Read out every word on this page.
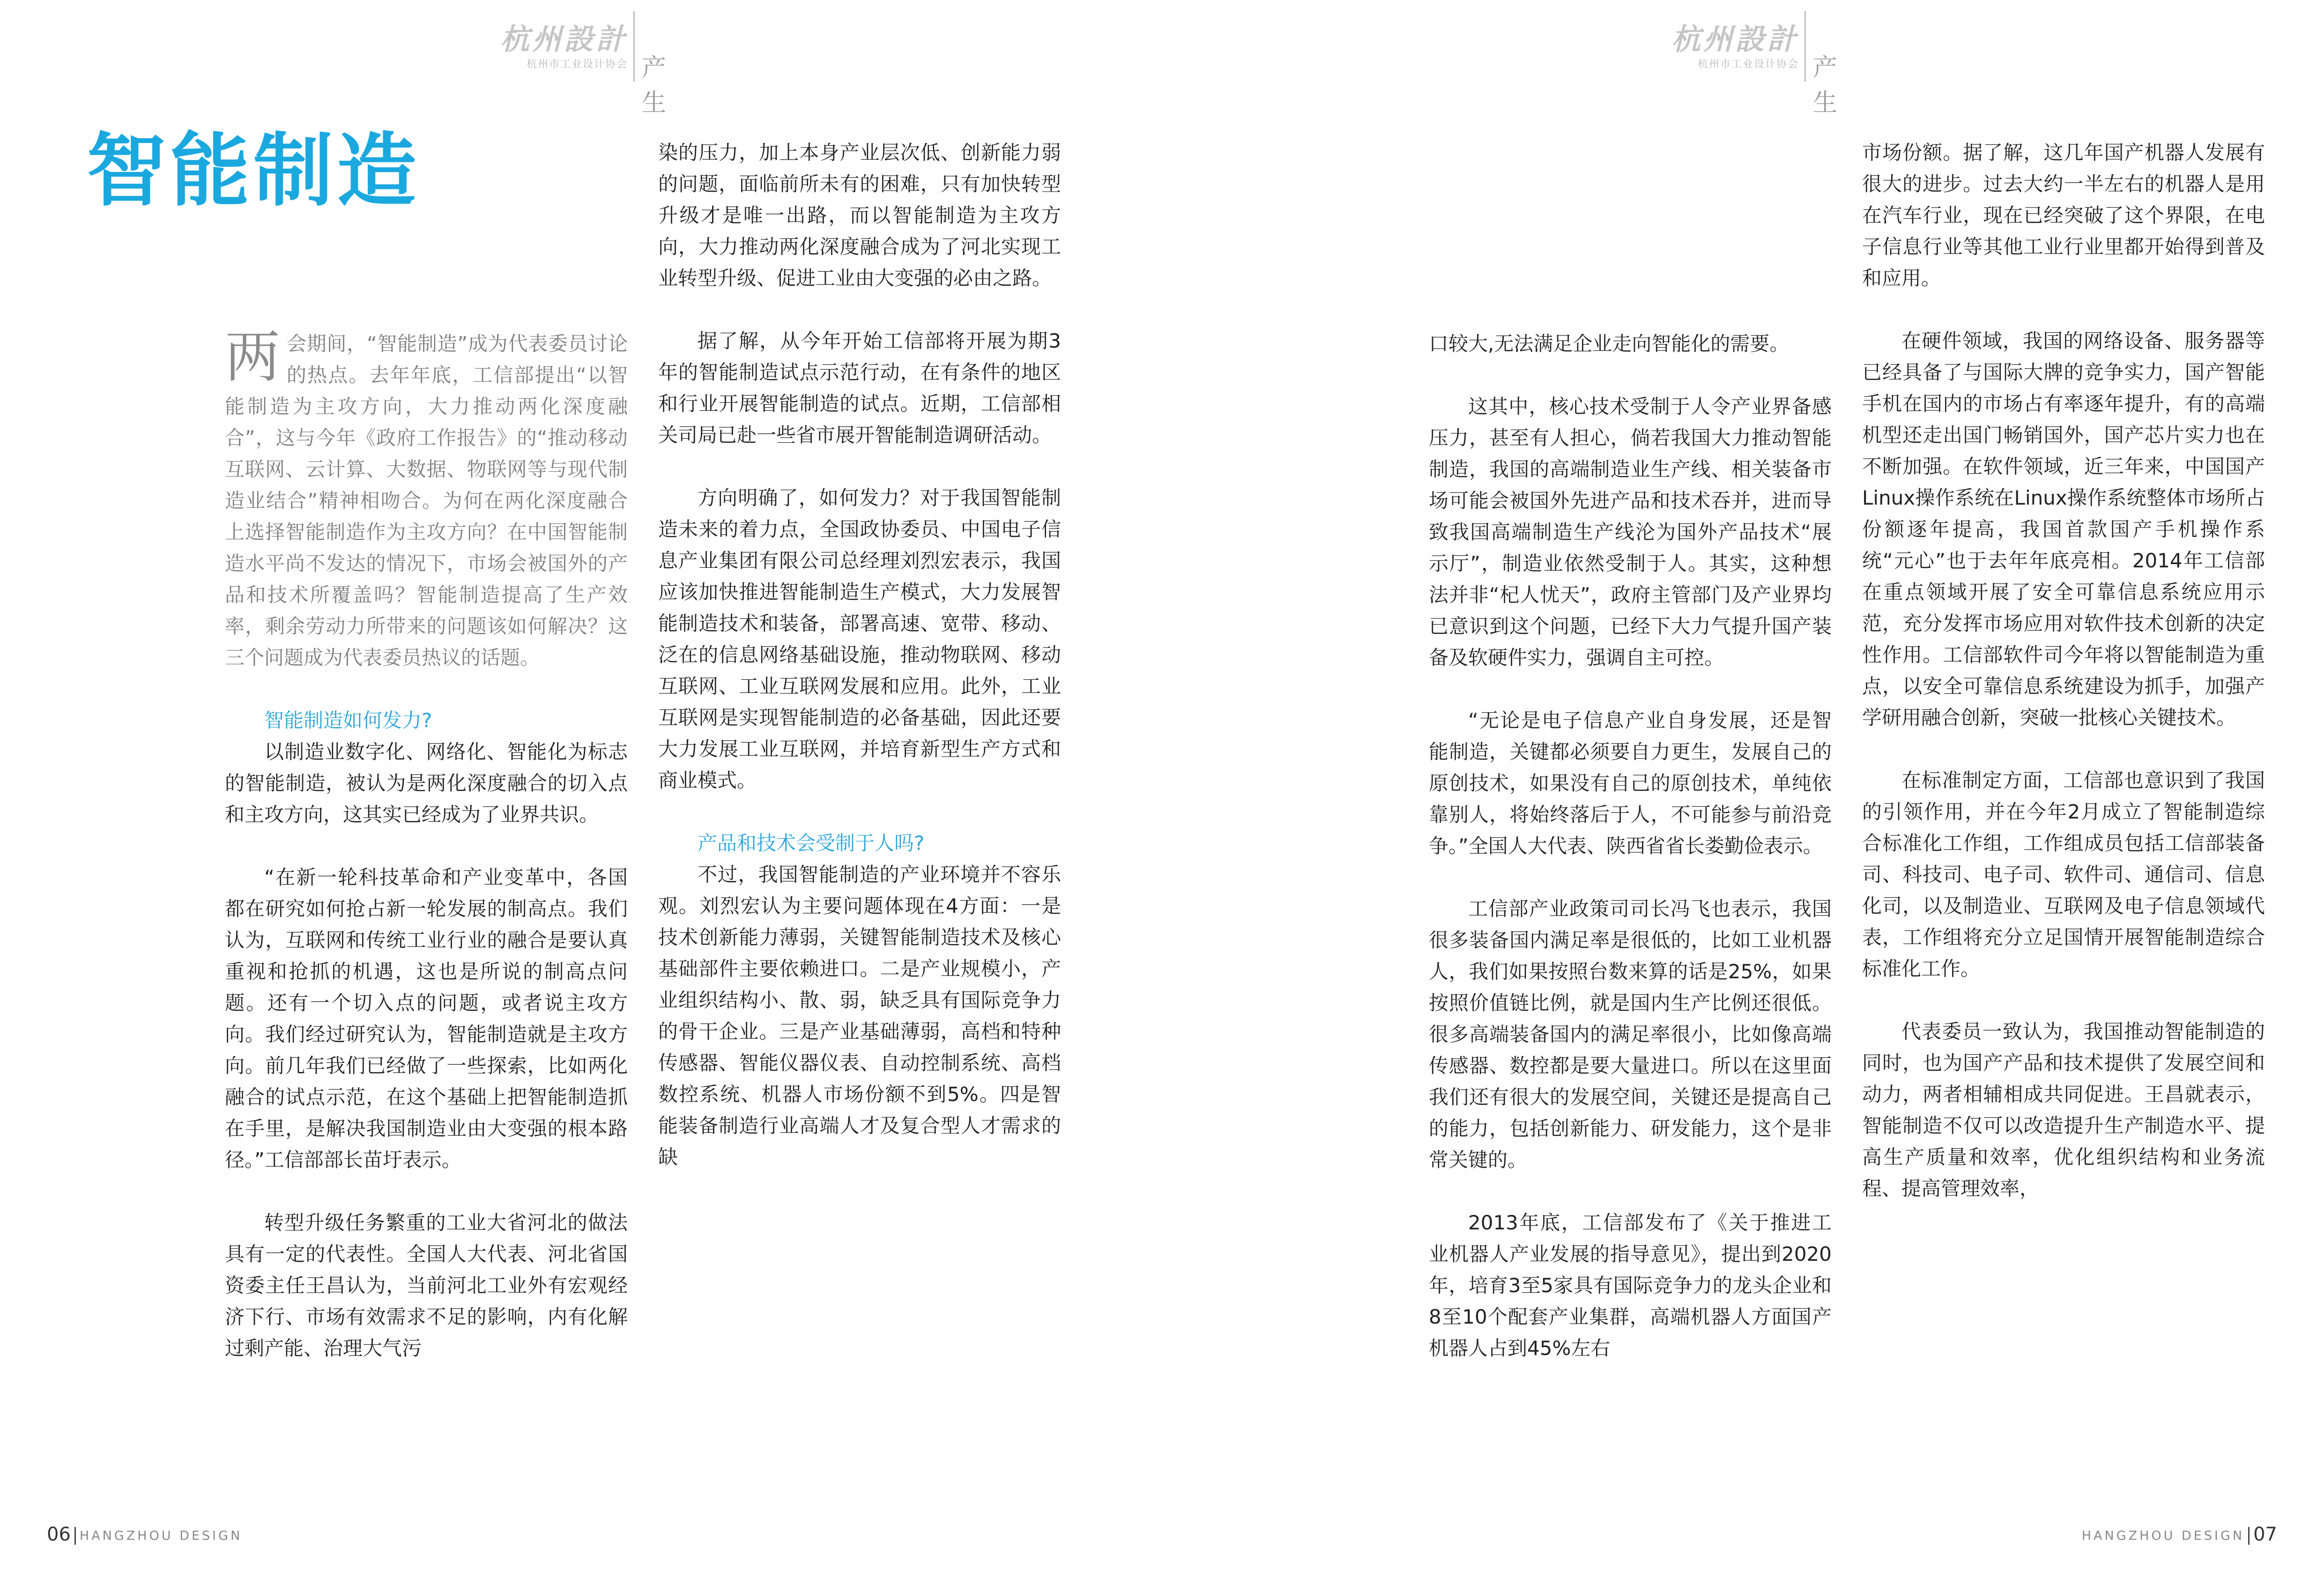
杭州設計
杭州市工业设计协会 产生
智能制造
两 会期间，“智能制造”成为代表委员讨论的热点。去年年底，工信部提出“以智能制造为主攻方向，大力推动两化深度融合”，这与今年《政府工作报告》的“推动移动互联网、云计算、大数据、物联网等与现代制造业结合”精神相吻合。为何在两化深度融合上选择智能制造作为主攻方向？在中国智能制造水平尚不发达的情况下，市场会被国外的产品和技术所覆盖吗？智能制造提高了生产效率，剩余劳动力所带来的问题该如何解决？这三个问题成为代表委员热议的话题。

智能制造如何发力?

以制造业数字化、网络化、智能化为标志的智能制造，被认为是两化深度融合的切入点和主攻方向，这其实已经成为了业界共识。

“在新一轮科技革命和产业变革中，各国都在研究如何抢占新一轮发展的制高点。我们认为，互联网和传统工业行业的融合是要认真重视和抢抓的机遇，这也是所说的制高点问题。还有一个切入点的问题，或者说主攻方向。我们经过研究认为，智能制造就是主攻方向。前几年我们已经做了一些探索，比如两化融合的试点示范，在这个基础上把智能制造抓在手里，是解决我国制造业由大变强的根本路径。”工信部部长苗圩表示。

转型升级任务繁重的工业大省河北的做法具有一定的代表性。全国人大代表、河北省国资委主任王昌认为，当前河北工业外有宏观经济下行、市场有效需求不足的影响，内有化解过剩产能、治理大气污

染的压力，加上本身产业层次低、创新能力弱的问题，面临前所未有的困难，只有加快转型升级才是唯一出路，而以智能制造为主攻方向，大力推动两化深度融合成为了河北实现工业转型升级、促进工业由大变强的必由之路。

据了解，从今年开始工信部将开展为期3年的智能制造试点示范行动，在有条件的地区和行业开展智能制造的试点。近期，工信部相关司局已赴一些省市展开智能制造调研活动。

方向明确了，如何发力？对于我国智能制造未来的着力点，全国政协委员、中国电子信息产业集团有限公司总经理刘烈宏表示，我国应该加快推进智能制造生产模式，大力发展智能制造技术和装备，部署高速、宽带、移动、泛在的信息网络基础设施，推动物联网、移动互联网、工业互联网发展和应用。此外，工业互联网是实现智能制造的必备基础，因此还要大力发展工业互联网，并培育新型生产方式和商业模式。

产品和技术会受制于人吗?

不过，我国智能制造的产业环境并不容乐观。刘烈宏认为主要问题体现在4方面：一是技术创新能力薄弱，关键智能制造技术及核心基础部件主要依赖进口。二是产业规模小，产业组织结构小、散、弱，缺乏具有国际竞争力的骨干企业。三是产业基础薄弱，高档和特种传感器、智能仪器仪表、自动控制系统、高档数控系统、机器人市场份额不到5%。四是智能装备制造行业高端人才及复合型人才需求的缺

06 HANGZHOU DESIGN
杭州設計
杭州市工业设计协会 产生

口较大,无法满足企业走向智能化的需要。

这其中，核心技术受制于人令产业界备感压力，甚至有人担心，倘若我国大力推动智能制造，我国的高端制造业生产线、相关装备市场可能会被国外先进产品和技术吞并，进而导致我国高端制造生产线沦为国外产品技术“展示厅”，制造业依然受制于人。其实，这种想法并非“杞人忧天”，政府主管部门及产业界均已意识到这个问题，已经下大力气提升国产装备及软硬件实力，强调自主可控。

“无论是电子信息产业自身发展，还是智能制造，关键都必须要自力更生，发展自己的原创技术，如果没有自己的原创技术，单纯依靠别人，将始终落后于人，不可能参与前沿竞争。”全国人大代表、陕西省省长娄勤俭表示。

工信部产业政策司司长冯飞也表示，我国很多装备国内满足率是很低的，比如工业机器人，我们如果按照台数来算的话是25%，如果按照价值链比例，就是国内生产比例还很低。很多高端装备国内的满足率很小，比如像高端传感器、数控都是要大量进口。所以在这里面我们还有很大的发展空间，关键还是提高自己的能力，包括创新能力、研发能力，这个是非常关键的。

2013年底，工信部发布了《关于推进工业机器人产业发展的指导意见》，提出到2020年，培育3至5家具有国际竞争力的龙头企业和8至10个配套产业集群，高端机器人方面国产机器人占到45%左右

市场份额。据了解，这几年国产机器人发展有很大的进步。过去大约一半左右的机器人是用在汽车行业，现在已经突破了这个界限，在电子信息行业等其他工业行业里都开始得到普及和应用。

在硬件领域，我国的网络设备、服务器等已经具备了与国际大牌的竞争实力，国产智能手机在国内的市场占有率逐年提升，有的高端机型还走出国门畅销国外，国产芯片实力也在不断加强。在软件领域，近三年来，中国国产Linux操作系统在Linux操作系统整体市场所占份额逐年提高，我国首款国产手机操作系统“元心”也于去年年底亮相。2014年工信部在重点领域开展了安全可靠信息系统应用示范，充分发挥市场应用对软件技术创新的决定性作用。工信部软件司今年将以智能制造为重点，以安全可靠信息系统建设为抓手，加强产学研用融合创新，突破一批核心关键技术。

在标准制定方面，工信部也意识到了我国的引领作用，并在今年2月成立了智能制造综合标准化工作组，工作组成员包括工信部装备司、科技司、电子司、软件司、通信司、信息化司，以及制造业、互联网及电子信息领域代表，工作组将充分立足国情开展智能制造综合标准化工作。

代表委员一致认为，我国推动智能制造的同时，也为国产产品和技术提供了发展空间和动力，两者相辅相成共同促进。王昌就表示，智能制造不仅可以改造提升生产制造水平、提高生产质量和效率，优化组织结构和业务流程、提高管理效率，

HANGZHOU DESIGN 07
